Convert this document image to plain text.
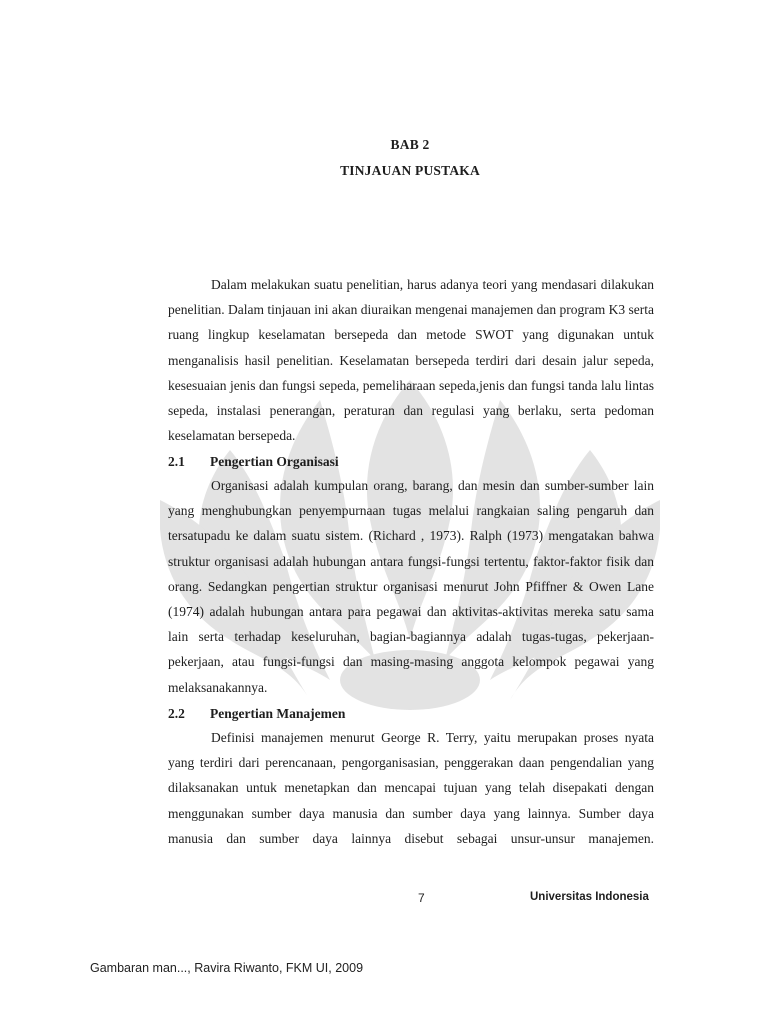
BAB 2
TINJAUAN PUSTAKA

Dalam melakukan suatu penelitian, harus adanya teori yang mendasari dilakukan penelitian. Dalam tinjauan ini akan diuraikan mengenai manajemen dan program K3 serta ruang lingkup keselamatan bersepeda dan metode SWOT yang digunakan untuk menganalisis hasil penelitian. Keselamatan bersepeda terdiri dari desain jalur sepeda, kesesuaian jenis dan fungsi sepeda, pemeliharaan sepeda,jenis dan fungsi tanda lalu lintas sepeda, instalasi penerangan, peraturan dan regulasi yang berlaku, serta pedoman keselamatan bersepeda.

2.1 Pengertian Organisasi

Organisasi adalah kumpulan orang, barang, dan mesin dan sumber-sumber lain yang menghubungkan penyempurnaan tugas melalui rangkaian saling pengaruh dan tersatupadu ke dalam suatu sistem. (Richard , 1973). Ralph (1973) mengatakan bahwa struktur organisasi adalah hubungan antara fungsi-fungsi tertentu, faktor-faktor fisik dan orang. Sedangkan pengertian struktur organisasi menurut John Pfiffner & Owen Lane (1974) adalah hubungan antara para pegawai dan aktivitas-aktivitas mereka satu sama lain serta terhadap keseluruhan, bagian-bagiannya adalah tugas-tugas, pekerjaan-pekerjaan, atau fungsi-fungsi dan masing-masing anggota kelompok pegawai yang melaksanakannya.

2.2 Pengertian Manajemen

Definisi manajemen menurut George R. Terry, yaitu merupakan proses nyata yang terdiri dari perencanaan, pengorganisasian, penggerakan daan pengendalian yang dilaksanakan untuk menetapkan dan mencapai tujuan yang telah disepakati dengan menggunakan sumber daya manusia dan sumber daya yang lainnya. Sumber daya manusia dan sumber daya lainnya disebut sebagai unsur-unsur manajemen.

7	Universitas Indonesia
Gambaran man..., Ravira Riwanto, FKM UI, 2009
